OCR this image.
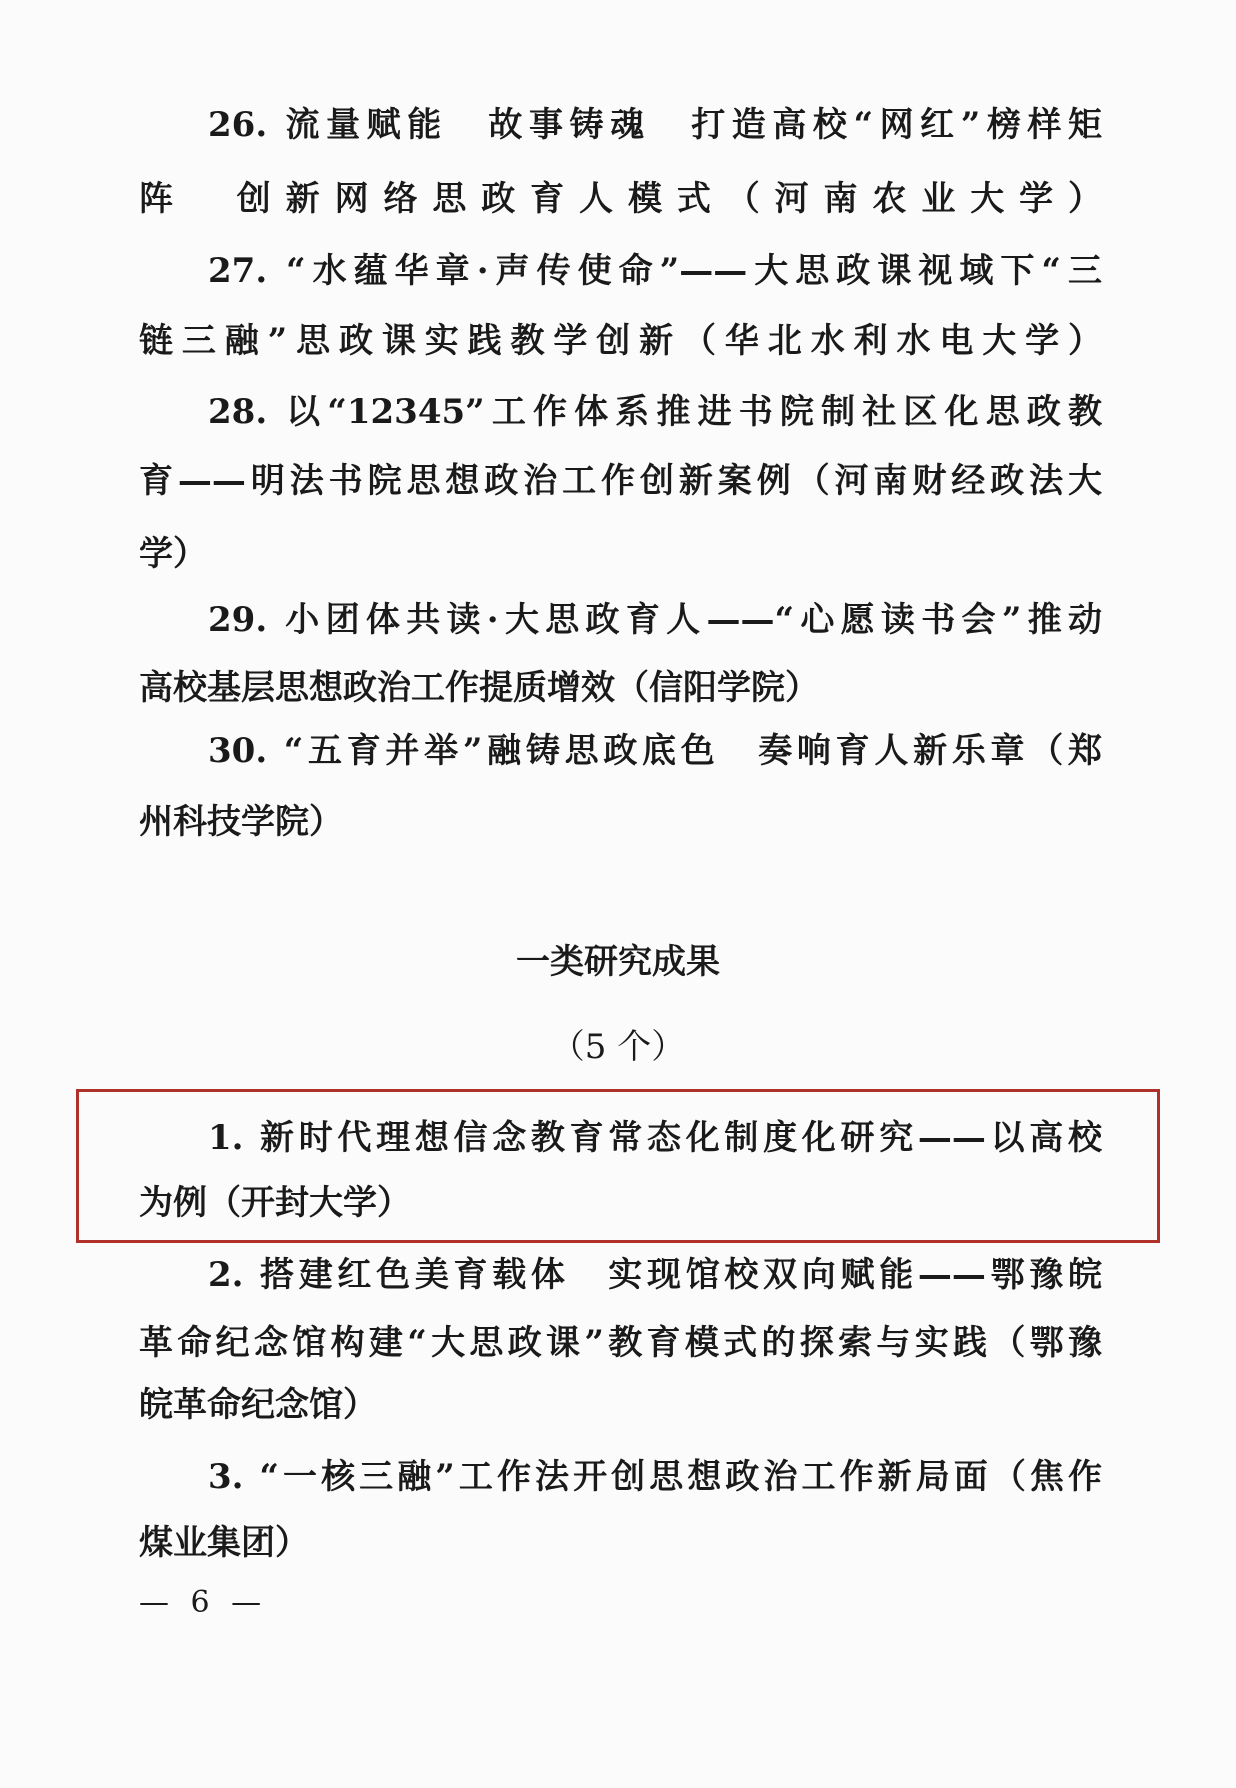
26. 流量赋能　故事铸魂　打造高校“网红”榜样矩
阵　创新网络思政育人模式（河南农业大学）
27. “水蕴华章·声传使命”——大思政课视域下“三
链三融”思政课实践教学创新（华北水利水电大学）
28. 以“12345”工作体系推进书院制社区化思政教
育——明法书院思想政治工作创新案例（河南财经政法大
学）
29. 小团体共读·大思政育人——“心愿读书会”推动
高校基层思想政治工作提质增效（信阳学院）
30. “五育并举”融铸思政底色　奏响育人新乐章（郑
州科技学院）
一类研究成果
（5 个）
1. 新时代理想信念教育常态化制度化研究——以高校
为例（开封大学）
2. 搭建红色美育载体　实现馆校双向赋能——鄂豫皖
革命纪念馆构建“大思政课”教育模式的探索与实践（鄂豫
皖革命纪念馆）
3. “一核三融”工作法开创思想政治工作新局面（焦作
煤业集团）
— 6 —
